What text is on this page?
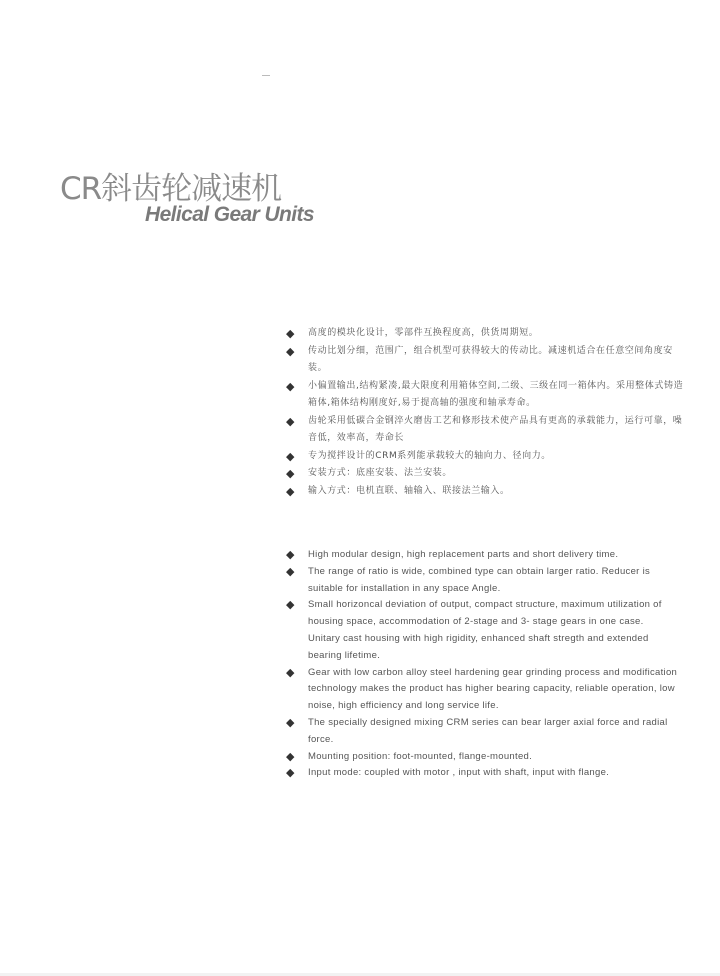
CR斜齿轮减速机
Helical Gear Units
◆ 高度的模块化设计，零部件互换程度高，供货周期短。
◆ 传动比划分细，范围广，组合机型可获得较大的传动比。减速机适合在任意空间角度安装。
◆ 小偏置输出,结构紧凑,最大限度利用箱体空间,二级、三级在同一箱体内。采用整体式铸造箱体,箱体结构刚度好,易于提高轴的强度和轴承寿命。
◆ 齿轮采用低碳合金钢淬火磨齿工艺和修形技术使产品具有更高的承载能力，运行可靠，噪音低，效率高，寿命长
◆ 专为搅拌设计的CRM系列能承载较大的轴向力、径向力。
◆ 安装方式：底座安装、法兰安装。
◆ 输入方式：电机直联、轴输入、联接法兰输入。
◆ High modular design, high replacement parts and short delivery time.

◆ The range of ratio is wide, combined type can obtain larger ratio. Reducer is suitable for installation in any space Angle.

◆ Small horizoncal deviation of output, compact structure, maximum utilization of housing space, accommodation of 2-stage and 3- stage gears in one case.

Unitary cast housing with high rigidity, enhanced shaft stregth and extended bearing lifetime.

◆ Gear with low carbon alloy steel hardening gear grinding process and modification technology makes the product has higher bearing capacity, reliable operation, low noise, high efficiency and long service life.

◆ The specially designed mixing CRM series can bear larger axial force and radial force.

◆ Mounting position: foot-mounted, flange-mounted.

◆ Input mode: coupled with motor , input with shaft, input with flange.
